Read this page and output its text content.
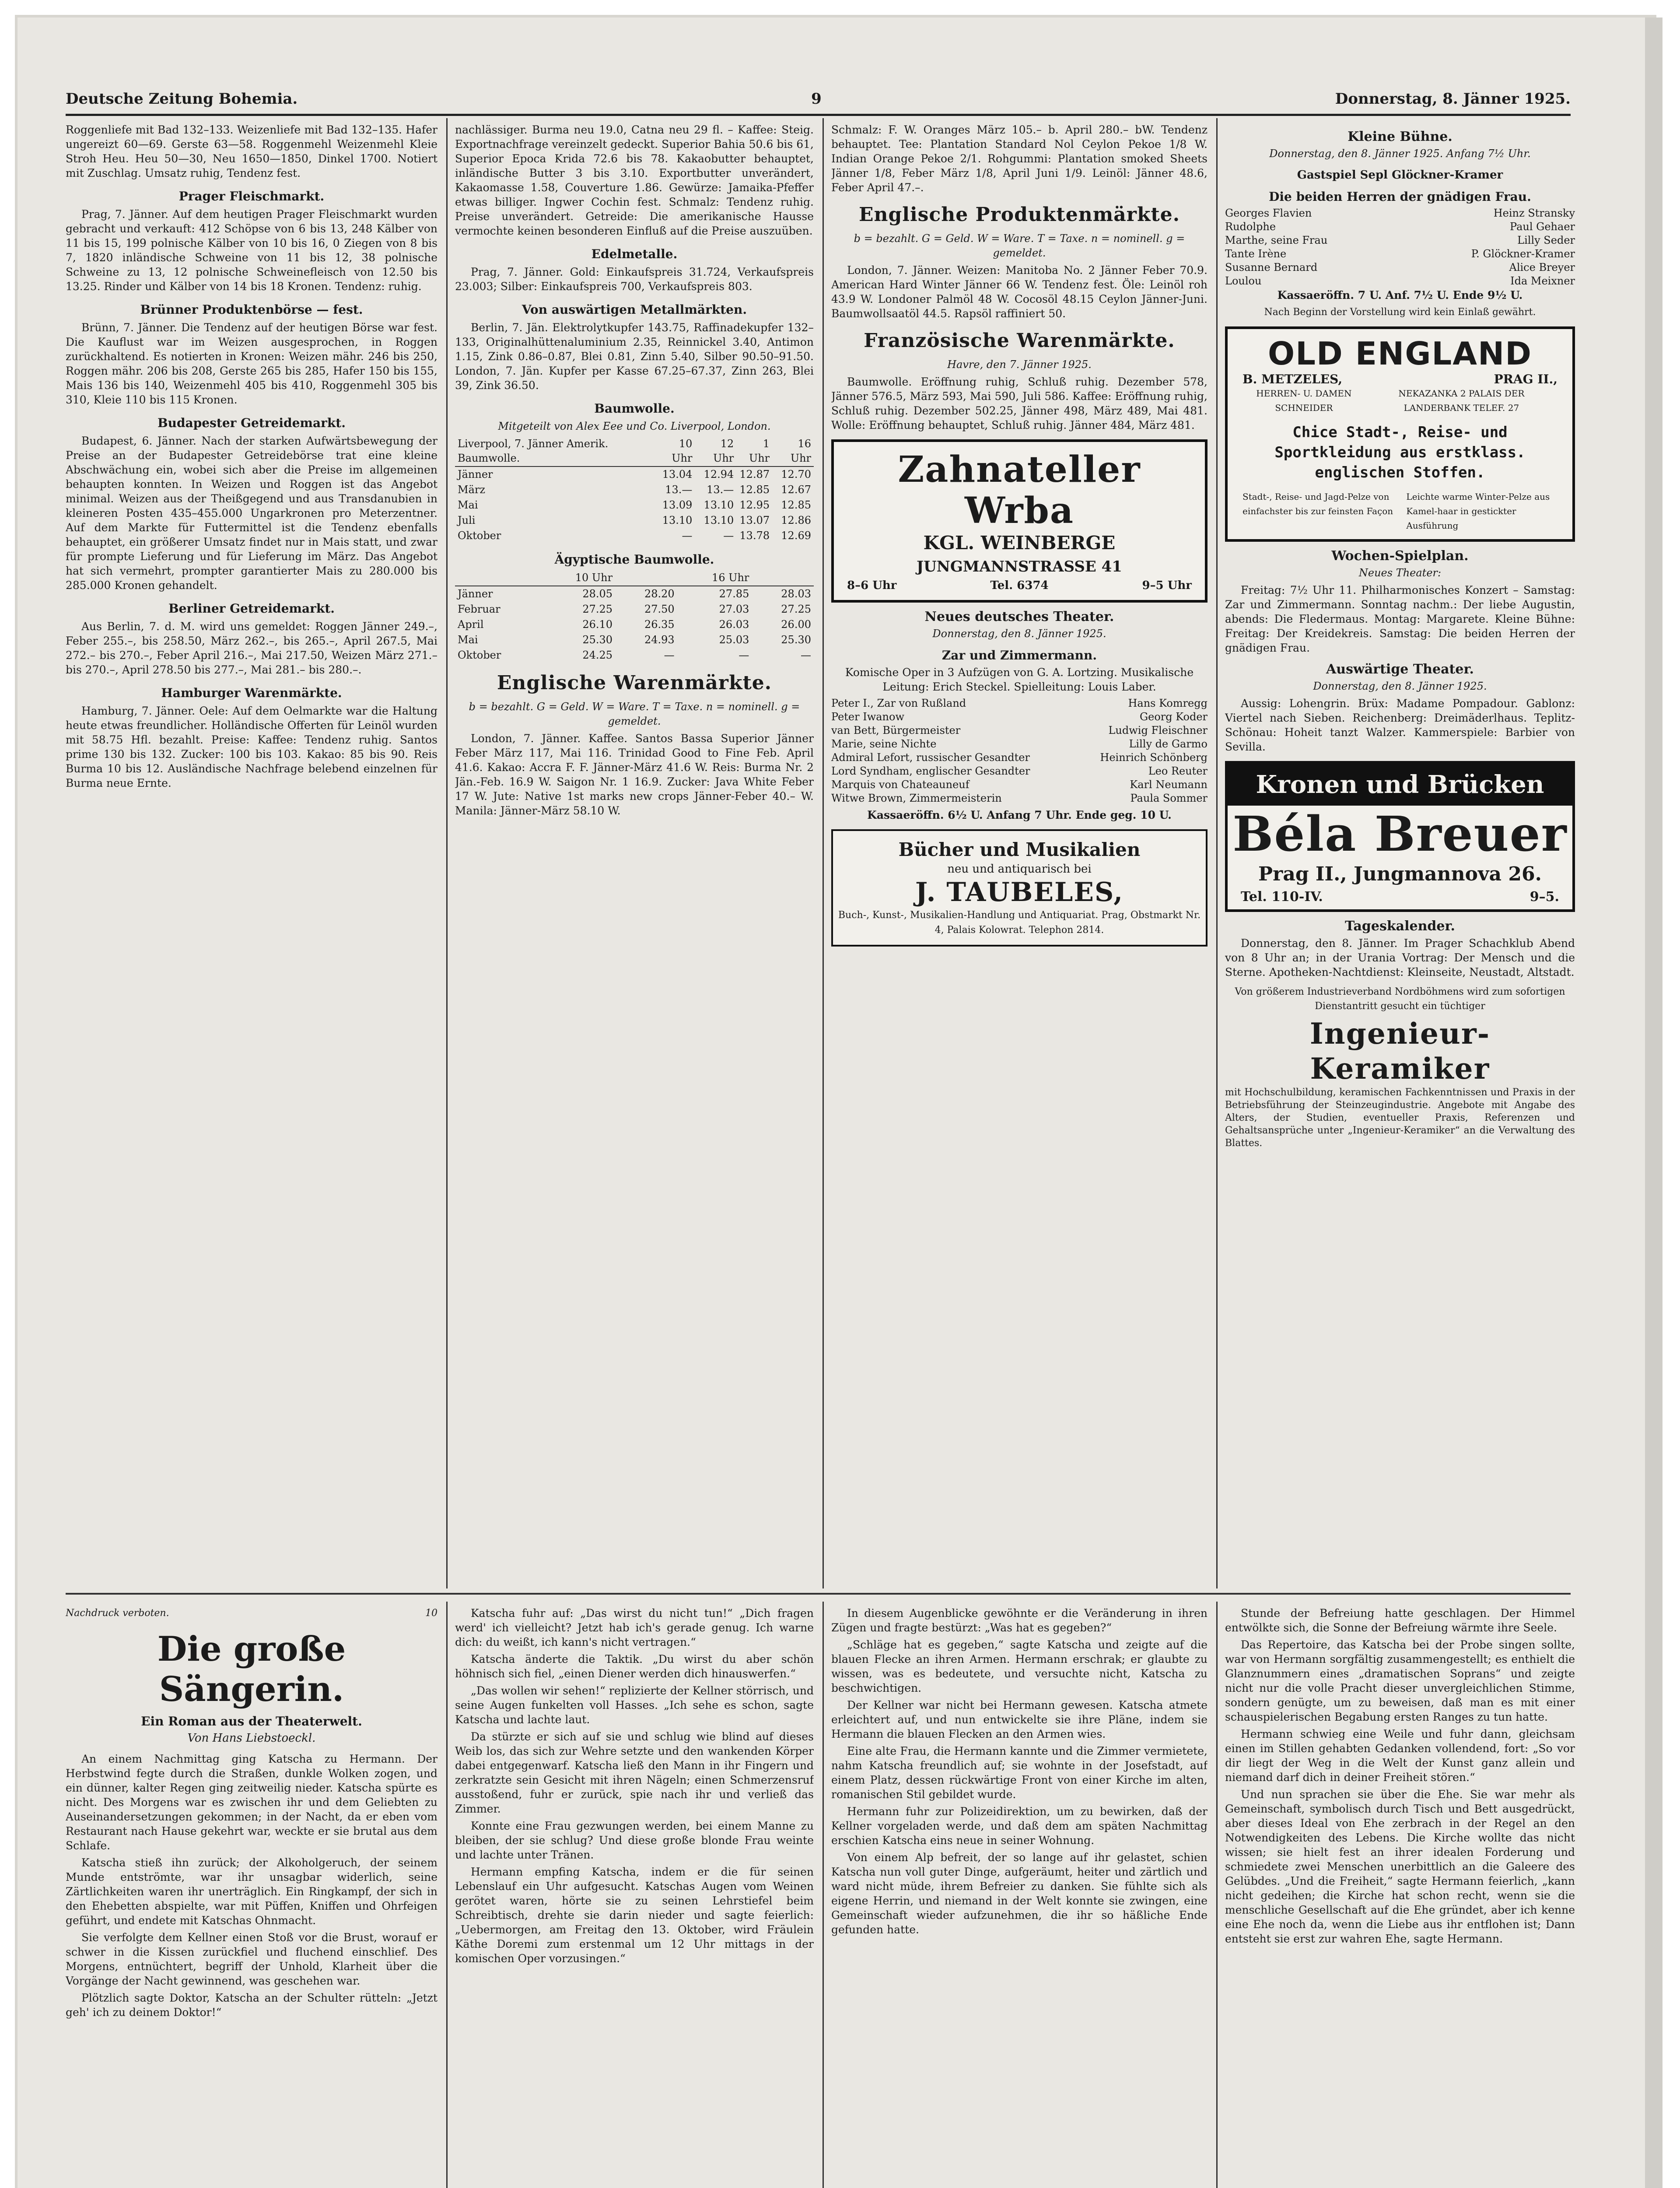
Deutsche Zeitung Bohemia.	9	Donnerstag, 8. Jänner 1925.

Roggenliefe mit Bad 132–133. Weizenliefe mit Bad 132–135. Hafer ungereizt 60—69. Gerste 63—58. Roggenmehl Weizenmehl Kleie Stroh Heu. Heu 50—30, Neu 1650—1850, Dinkel 1700. Notiert mit Zuschlag. Umsatz ruhig, Tendenz fest.

Prager Fleischmarkt.

Prag, 7. Jänner. Auf dem heutigen Prager Fleischmarkt wurden gebracht und verkauft: 412 Schöpse von 6 bis 13, 248 Kälber von 11 bis 15, 199 polnische Kälber von 10 bis 16, 0 Ziegen von 8 bis 7, 1820 inländische Schweine von 11 bis 12, 38 polnische Schweine zu 13, 12 polnische Schweinefleisch von 12.50 bis 13.25. Rinder und Kälber von 14 bis 18 Kronen. Tendenz: ruhig.

Brünner Produktenbörse — fest.

Brünn, 7. Jänner. Die Tendenz auf der heutigen Börse war fest. Die Kauflust war im Weizen ausgesprochen, in Roggen zurückhaltend. Es notierten in Kronen: Weizen mähr. 246 bis 250, Roggen mähr. 206 bis 208, Gerste 265 bis 285, Hafer 150 bis 155, Mais 136 bis 140, Weizenmehl 405 bis 410, Roggenmehl 305 bis 310, Kleie 110 bis 115 Kronen.

Budapester Getreidemarkt.

Budapest, 6. Jänner. Nach der starken Aufwärtsbewegung der Preise an der Budapester Getreidebörse trat eine kleine Abschwächung ein, wobei sich aber die Preise im allgemeinen behaupten konnten. In Weizen und Roggen ist das Angebot minimal. Weizen aus der Theißgegend und aus Transdanubien in kleineren Posten 435–455.000 Ungarkronen pro Meterzentner. Auf dem Markte für Futtermittel ist die Tendenz ebenfalls behauptet, ein größerer Umsatz findet nur in Mais statt, und zwar für prompte Lieferung und für Lieferung im März. Das Angebot hat sich vermehrt, prompter garantierter Mais zu 280.000 bis 285.000 Kronen gehandelt.

Berliner Getreidemarkt.

Aus Berlin, 7. d. M. wird uns gemeldet: Roggen Jänner 249.–, Feber 255.–, bis 258.50, März 262.–, bis 265.–, April 267.5, Mai 272.– bis 270.–, Feber April 216.–, Mai 217.50, Weizen März 271.– bis 270.–, April 278.50 bis 277.–, Mai 281.– bis 280.–.

Hamburger Warenmärkte.

Hamburg, 7. Jänner. Oele: Auf dem Oelmarkte war die Haltung heute etwas freundlicher. Holländische Offerten für Leinöl wurden mit 58.75 Hfl. bezahlt. Preise: Kaffee: Tendenz ruhig. Santos prime 130 bis 132. Zucker: 100 bis 103. Kakao: 85 bis 90. Reis Burma 10 bis 12. Ausländische Nachfrage belebend einzelnen für Burma neue Ernte.

nachlässiger. Burma neu 19.0, Catna neu 29 fl. – Kaffee: Steig. Exportnachfrage vereinzelt gedeckt. Superior Bahia 50.6 bis 61, Superior Epoca Krida 72.6 bis 78. Kakaobutter behauptet, inländische Butter 3 bis 3.10. Exportbutter unverändert, Kakaomasse 1.58, Couverture 1.86. Gewürze: Jamaika-Pfeffer etwas billiger. Ingwer Cochin fest. Schmalz: Tendenz ruhig. Preise unverändert. Getreide: Die amerikanische Hausse vermochte keinen besonderen Einfluß auf die Preise auszuüben.

Edelmetalle.

Prag, 7. Jänner. Gold: Einkaufspreis 31.724, Verkaufspreis 23.003; Silber: Einkaufspreis 700, Verkaufspreis 803.

Von auswärtigen Metallmärkten.

Berlin, 7. Jän. Elektrolytkupfer 143.75, Raffinadekupfer 132–133, Originalhüttenaluminium 2.35, Reinnickel 3.40, Antimon 1.15, Zink 0.86–0.87, Blei 0.81, Zinn 5.40, Silber 90.50–91.50. London, 7. Jän. Kupfer per Kasse 67.25–67.37, Zinn 263, Blei 39, Zink 36.50.

Baumwolle.
Mitgeteilt von Alex Eee und Co. Liverpool, London.
Liverpool, 7. Jänner Amerik. Baumwolle.	10 Uhr	12 Uhr	1 Uhr	16 Uhr
Jänner	13.04	12.94	12.87	12.70
März	13.—	13.—	12.85	12.67
Mai	13.09	13.10	12.95	12.85
Juli	13.10	13.10	13.07	12.86
Oktober	—	—	13.78	12.69
Ägyptische Baumwolle.
	10 Uhr		16 Uhr	
Jänner	28.05	28.20	27.85	28.03
Februar	27.25	27.50	27.03	27.25
April	26.10	26.35	26.03	26.00
Mai	25.30	24.93	25.03	25.30
Oktober	24.25	—	—	—
Englische Warenmärkte.
b = bezahlt. G = Geld. W = Ware. T = Taxe. n = nominell. g = gemeldet.

London, 7. Jänner. Kaffee. Santos Bassa Superior Jänner Feber März 117, Mai 116. Trinidad Good to Fine Feb. April 41.6. Kakao: Accra F. F. Jänner-März 41.6 W. Reis: Burma Nr. 2 Jän.-Feb. 16.9 W. Saigon Nr. 1 16.9. Zucker: Java White Feber 17 W. Jute: Native 1st marks new crops Jänner-Feber 40.– W. Manila: Jänner-März 58.10 W.

Schmalz: F. W. Oranges März 105.– b. April 280.– bW. Tendenz behauptet. Tee: Plantation Standard Nol Ceylon Pekoe 1/8 W. Indian Orange Pekoe 2/1. Rohgummi: Plantation smoked Sheets Jänner 1/8, Feber März 1/8, April Juni 1/9. Leinöl: Jänner 48.6, Feber April 47.–.

Englische Produktenmärkte.
b = bezahlt. G = Geld. W = Ware. T = Taxe. n = nominell. g = gemeldet.

London, 7. Jänner. Weizen: Manitoba No. 2 Jänner Feber 70.9. American Hard Winter Jänner 66 W. Tendenz fest. Öle: Leinöl roh 43.9 W. Londoner Palmöl 48 W. Cocosöl 48.15 Ceylon Jänner-Juni. Baumwollsaatöl 44.5. Rapsöl raffiniert 50.

Französische Warenmärkte.
Havre, den 7. Jänner 1925.

Baumwolle. Eröffnung ruhig, Schluß ruhig. Dezember 578, Jänner 576.5, März 593, Mai 590, Juli 586. Kaffee: Eröffnung ruhig, Schluß ruhig. Dezember 502.25, Jänner 498, März 489, Mai 481. Wolle: Eröffnung behauptet, Schluß ruhig. Jänner 484, März 481.

Zahnateller Wrba
KGL. WEINBERGE
JUNGMANNSTRASSE 41
8–6 Uhr	Tel. 6374	9–5 Uhr
Neues deutsches Theater.
Donnerstag, den 8. Jänner 1925.
Zar und Zimmermann.

Komische Oper in 3 Aufzügen von G. A. Lortzing. Musikalische Leitung: Erich Steckel. Spielleitung: Louis Laber.

Peter I., Zar von Rußland	Hans Komregg
Peter Iwanow	Georg Koder
van Bett, Bürgermeister	Ludwig Fleischner
Marie, seine Nichte	Lilly de Garmo
Admiral Lefort, russischer Gesandter	Heinrich Schönberg
Lord Syndham, englischer Gesandter	Leo Reuter
Marquis von Chateauneuf	Karl Neumann
Witwe Brown, Zimmermeisterin	Paula Sommer

Kassaeröffn. 6½ U. Anfang 7 Uhr. Ende geg. 10 U.

Bücher und Musikalien
neu und antiquarisch bei
J. TAUBELES,
Buch-, Kunst-, Musikalien-Handlung und Antiquariat. Prag, Obstmarkt Nr. 4, Palais Kolowrat. Telephon 2814.
Kleine Bühne.
Donnerstag, den 8. Jänner 1925. Anfang 7½ Uhr.
Gastspiel Sepl Glöckner-Kramer
Die beiden Herren der gnädigen Frau.
Georges Flavien	Heinz Stransky
Rudolphe	Paul Gehaer
Marthe, seine Frau	Lilly Seder
Tante Irène	P. Glöckner-Kramer
Susanne Bernard	Alice Breyer
Loulou	Ida Meixner

Kassaeröffn. 7 U. Anf. 7½ U. Ende 9½ U.

Nach Beginn der Vorstellung wird kein Einlaß gewährt.

OLD ENGLAND
B. METZELES,	PRAG II.,
HERREN- U. DAMEN SCHNEIDER
NEKAZANKA 2 PALAIS DER LANDERBANK TELEF. 27
Chice Stadt-, Reise- und Sportkleidung aus erstklass. englischen Stoffen.
Stadt-, Reise- und Jagd-Pelze von einfachster bis zur feinsten Façon
Leichte warme Winter-Pelze aus Kamel-haar in gestickter Ausführung
Wochen-Spielplan.
Neues Theater:

Freitag: 7½ Uhr 11. Philharmonisches Konzert – Samstag: Zar und Zimmermann. Sonntag nachm.: Der liebe Augustin, abends: Die Fledermaus. Montag: Margarete. Kleine Bühne: Freitag: Der Kreidekreis. Samstag: Die beiden Herren der gnädigen Frau.

Auswärtige Theater.
Donnerstag, den 8. Jänner 1925.

Aussig: Lohengrin. Brüx: Madame Pompadour. Gablonz: Viertel nach Sieben. Reichenberg: Dreimäderlhaus. Teplitz-Schönau: Hoheit tanzt Walzer. Kammerspiele: Barbier von Sevilla.

Kronen und Brücken
Béla Breuer
Prag II., Jungmannova 26.
Tel. 110-IV.	9–5.
Tageskalender.

Donnerstag, den 8. Jänner. Im Prager Schachklub Abend von 8 Uhr an; in der Urania Vortrag: Der Mensch und die Sterne. Apotheken-Nachtdienst: Kleinseite, Neustadt, Altstadt.

Von größerem Industrieverband Nordböhmens wird zum sofortigen Dienstantritt gesucht ein tüchtiger

Ingenieur-Keramiker

mit Hochschulbildung, keramischen Fachkenntnissen und Praxis in der Betriebsführung der Steinzeugindustrie. Angebote mit Angabe des Alters, der Studien, eventueller Praxis, Referenzen und Gehaltsansprüche unter „Ingenieur-Keramiker“ an die Verwaltung des Blattes.

Nachdruck verboten.	10
Die große Sängerin.
Ein Roman aus der Theaterwelt.
Von Hans Liebstoeckl.

An einem Nachmittag ging Katscha zu Hermann. Der Herbstwind fegte durch die Straßen, dunkle Wolken zogen, und ein dünner, kalter Regen ging zeitweilig nieder. Katscha spürte es nicht. Des Morgens war es zwischen ihr und dem Geliebten zu Auseinandersetzungen gekommen; in der Nacht, da er eben vom Restaurant nach Hause gekehrt war, weckte er sie brutal aus dem Schlafe.

Katscha stieß ihn zurück; der Alkoholgeruch, der seinem Munde entströmte, war ihr unsagbar widerlich, seine Zärtlichkeiten waren ihr unerträglich. Ein Ringkampf, der sich in den Ehebetten abspielte, war mit Püffen, Kniffen und Ohrfeigen geführt, und endete mit Katschas Ohnmacht.

Sie verfolgte dem Kellner einen Stoß vor die Brust, worauf er schwer in die Kissen zurückfiel und fluchend einschlief. Des Morgens, entnüchtert, begriff der Unhold, Klarheit über die Vorgänge der Nacht gewinnend, was geschehen war.

Plötzlich sagte Doktor, Katscha an der Schulter rütteln: „Jetzt geh' ich zu deinem Doktor!“

Katscha fuhr auf: „Das wirst du nicht tun!“ „Dich fragen werd' ich vielleicht? Jetzt hab ich's gerade genug. Ich warne dich: du weißt, ich kann's nicht vertragen.“

Katscha änderte die Taktik. „Du wirst du aber schön höhnisch sich fiel, „einen Diener werden dich hinauswerfen.“

„Das wollen wir sehen!“ replizierte der Kellner störrisch, und seine Augen funkelten voll Hasses. „Ich sehe es schon, sagte Katscha und lachte laut.

Da stürzte er sich auf sie und schlug wie blind auf dieses Weib los, das sich zur Wehre setzte und den wankenden Körper dabei entgegenwarf. Katscha ließ den Mann in ihr Fingern und zerkratzte sein Gesicht mit ihren Nägeln; einen Schmerzensruf ausstoßend, fuhr er zurück, spie nach ihr und verließ das Zimmer.

Konnte eine Frau gezwungen werden, bei einem Manne zu bleiben, der sie schlug? Und diese große blonde Frau weinte und lachte unter Tränen.

Hermann empfing Katscha, indem er die für seinen Lebenslauf ein Uhr aufgesucht. Katschas Augen vom Weinen gerötet waren, hörte sie zu seinen Lehrstiefel beim Schreibtisch, drehte sie darin nieder und sagte feierlich: „Uebermorgen, am Freitag den 13. Oktober, wird Fräulein Käthe Doremi zum erstenmal um 12 Uhr mittags in der komischen Oper vorzusingen.“

In diesem Augenblicke gewöhnte er die Veränderung in ihren Zügen und fragte bestürzt: „Was hat es gegeben?“

„Schläge hat es gegeben,“ sagte Katscha und zeigte auf die blauen Flecke an ihren Armen. Hermann erschrak; er glaubte zu wissen, was es bedeutete, und versuchte nicht, Katscha zu beschwichtigen.

Der Kellner war nicht bei Hermann gewesen. Katscha atmete erleichtert auf, und nun entwickelte sie ihre Pläne, indem sie Hermann die blauen Flecken an den Armen wies.

Eine alte Frau, die Hermann kannte und die Zimmer vermietete, nahm Katscha freundlich auf; sie wohnte in der Josefstadt, auf einem Platz, dessen rückwärtige Front von einer Kirche im alten, romanischen Stil gebildet wurde.

Hermann fuhr zur Polizeidirektion, um zu bewirken, daß der Kellner vorgeladen werde, und daß dem am späten Nachmittag erschien Katscha eins neue in seiner Wohnung.

Von einem Alp befreit, der so lange auf ihr gelastet, schien Katscha nun voll guter Dinge, aufgeräumt, heiter und zärtlich und ward nicht müde, ihrem Befreier zu danken. Sie fühlte sich als eigene Herrin, und niemand in der Welt konnte sie zwingen, eine Gemeinschaft wieder aufzunehmen, die ihr so häßliche Ende gefunden hatte.

Stunde der Befreiung hatte geschlagen. Der Himmel entwölkte sich, die Sonne der Befreiung wärmte ihre Seele.

Das Repertoire, das Katscha bei der Probe singen sollte, war von Hermann sorgfältig zusammengestellt; es enthielt die Glanznummern eines „dramatischen Soprans“ und zeigte nicht nur die volle Pracht dieser unvergleichlichen Stimme, sondern genügte, um zu beweisen, daß man es mit einer schauspielerischen Begabung ersten Ranges zu tun hatte.

Hermann schwieg eine Weile und fuhr dann, gleichsam einen im Stillen gehabten Gedanken vollendend, fort: „So vor dir liegt der Weg in die Welt der Kunst ganz allein und niemand darf dich in deiner Freiheit stören.“

Und nun sprachen sie über die Ehe. Sie war mehr als Gemeinschaft, symbolisch durch Tisch und Bett ausgedrückt, aber dieses Ideal von Ehe zerbrach in der Regel an den Notwendigkeiten des Lebens. Die Kirche wollte das nicht wissen; sie hielt fest an ihrer idealen Forderung und schmiedete zwei Menschen unerbittlich an die Galeere des Gelübdes. „Und die Freiheit,“ sagte Hermann feierlich, „kann nicht gedeihen; die Kirche hat schon recht, wenn sie die menschliche Gesellschaft auf die Ehe gründet, aber ich kenne eine Ehe noch da, wenn die Liebe aus ihr entflohen ist; Dann entsteht sie erst zur wahren Ehe, sagte Hermann.
